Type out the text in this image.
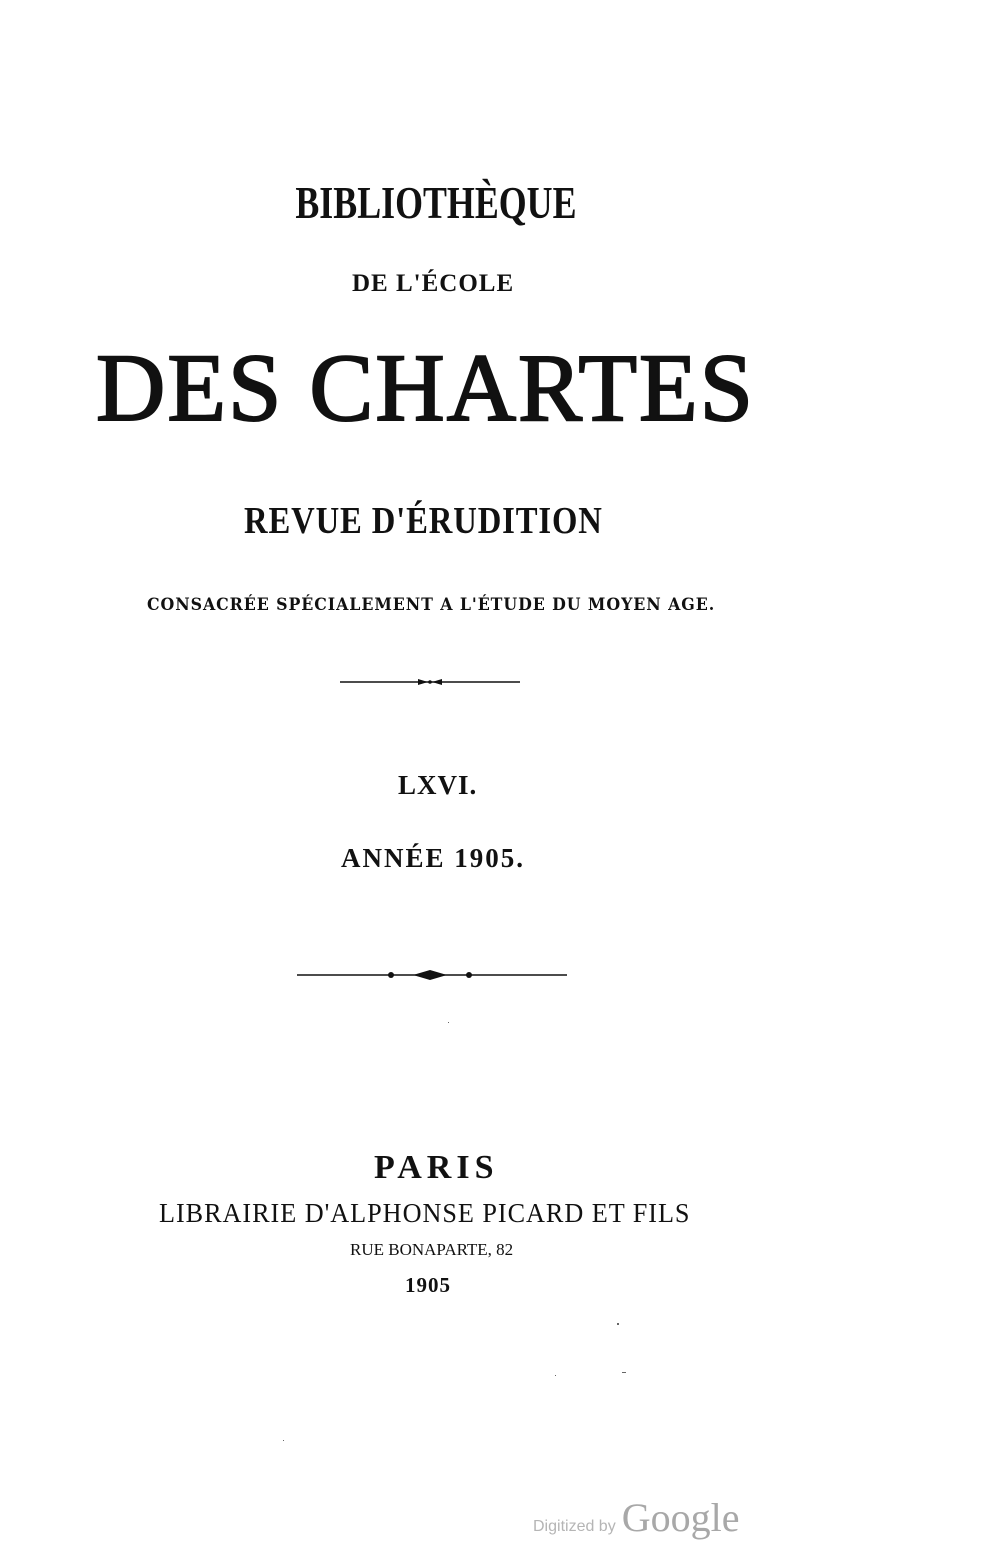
BIBLIOTHÈQUE
DE L'ÉCOLE
DES CHARTES
REVUE D'ÉRUDITION
CONSACRÉE SPÉCIALEMENT A L'ÉTUDE DU MOYEN AGE.
LXVI.
ANNÉE 1905.
PARIS
LIBRAIRIE D'ALPHONSE PICARD ET FILS
RUE BONAPARTE, 82
1905
Digitized by Google
